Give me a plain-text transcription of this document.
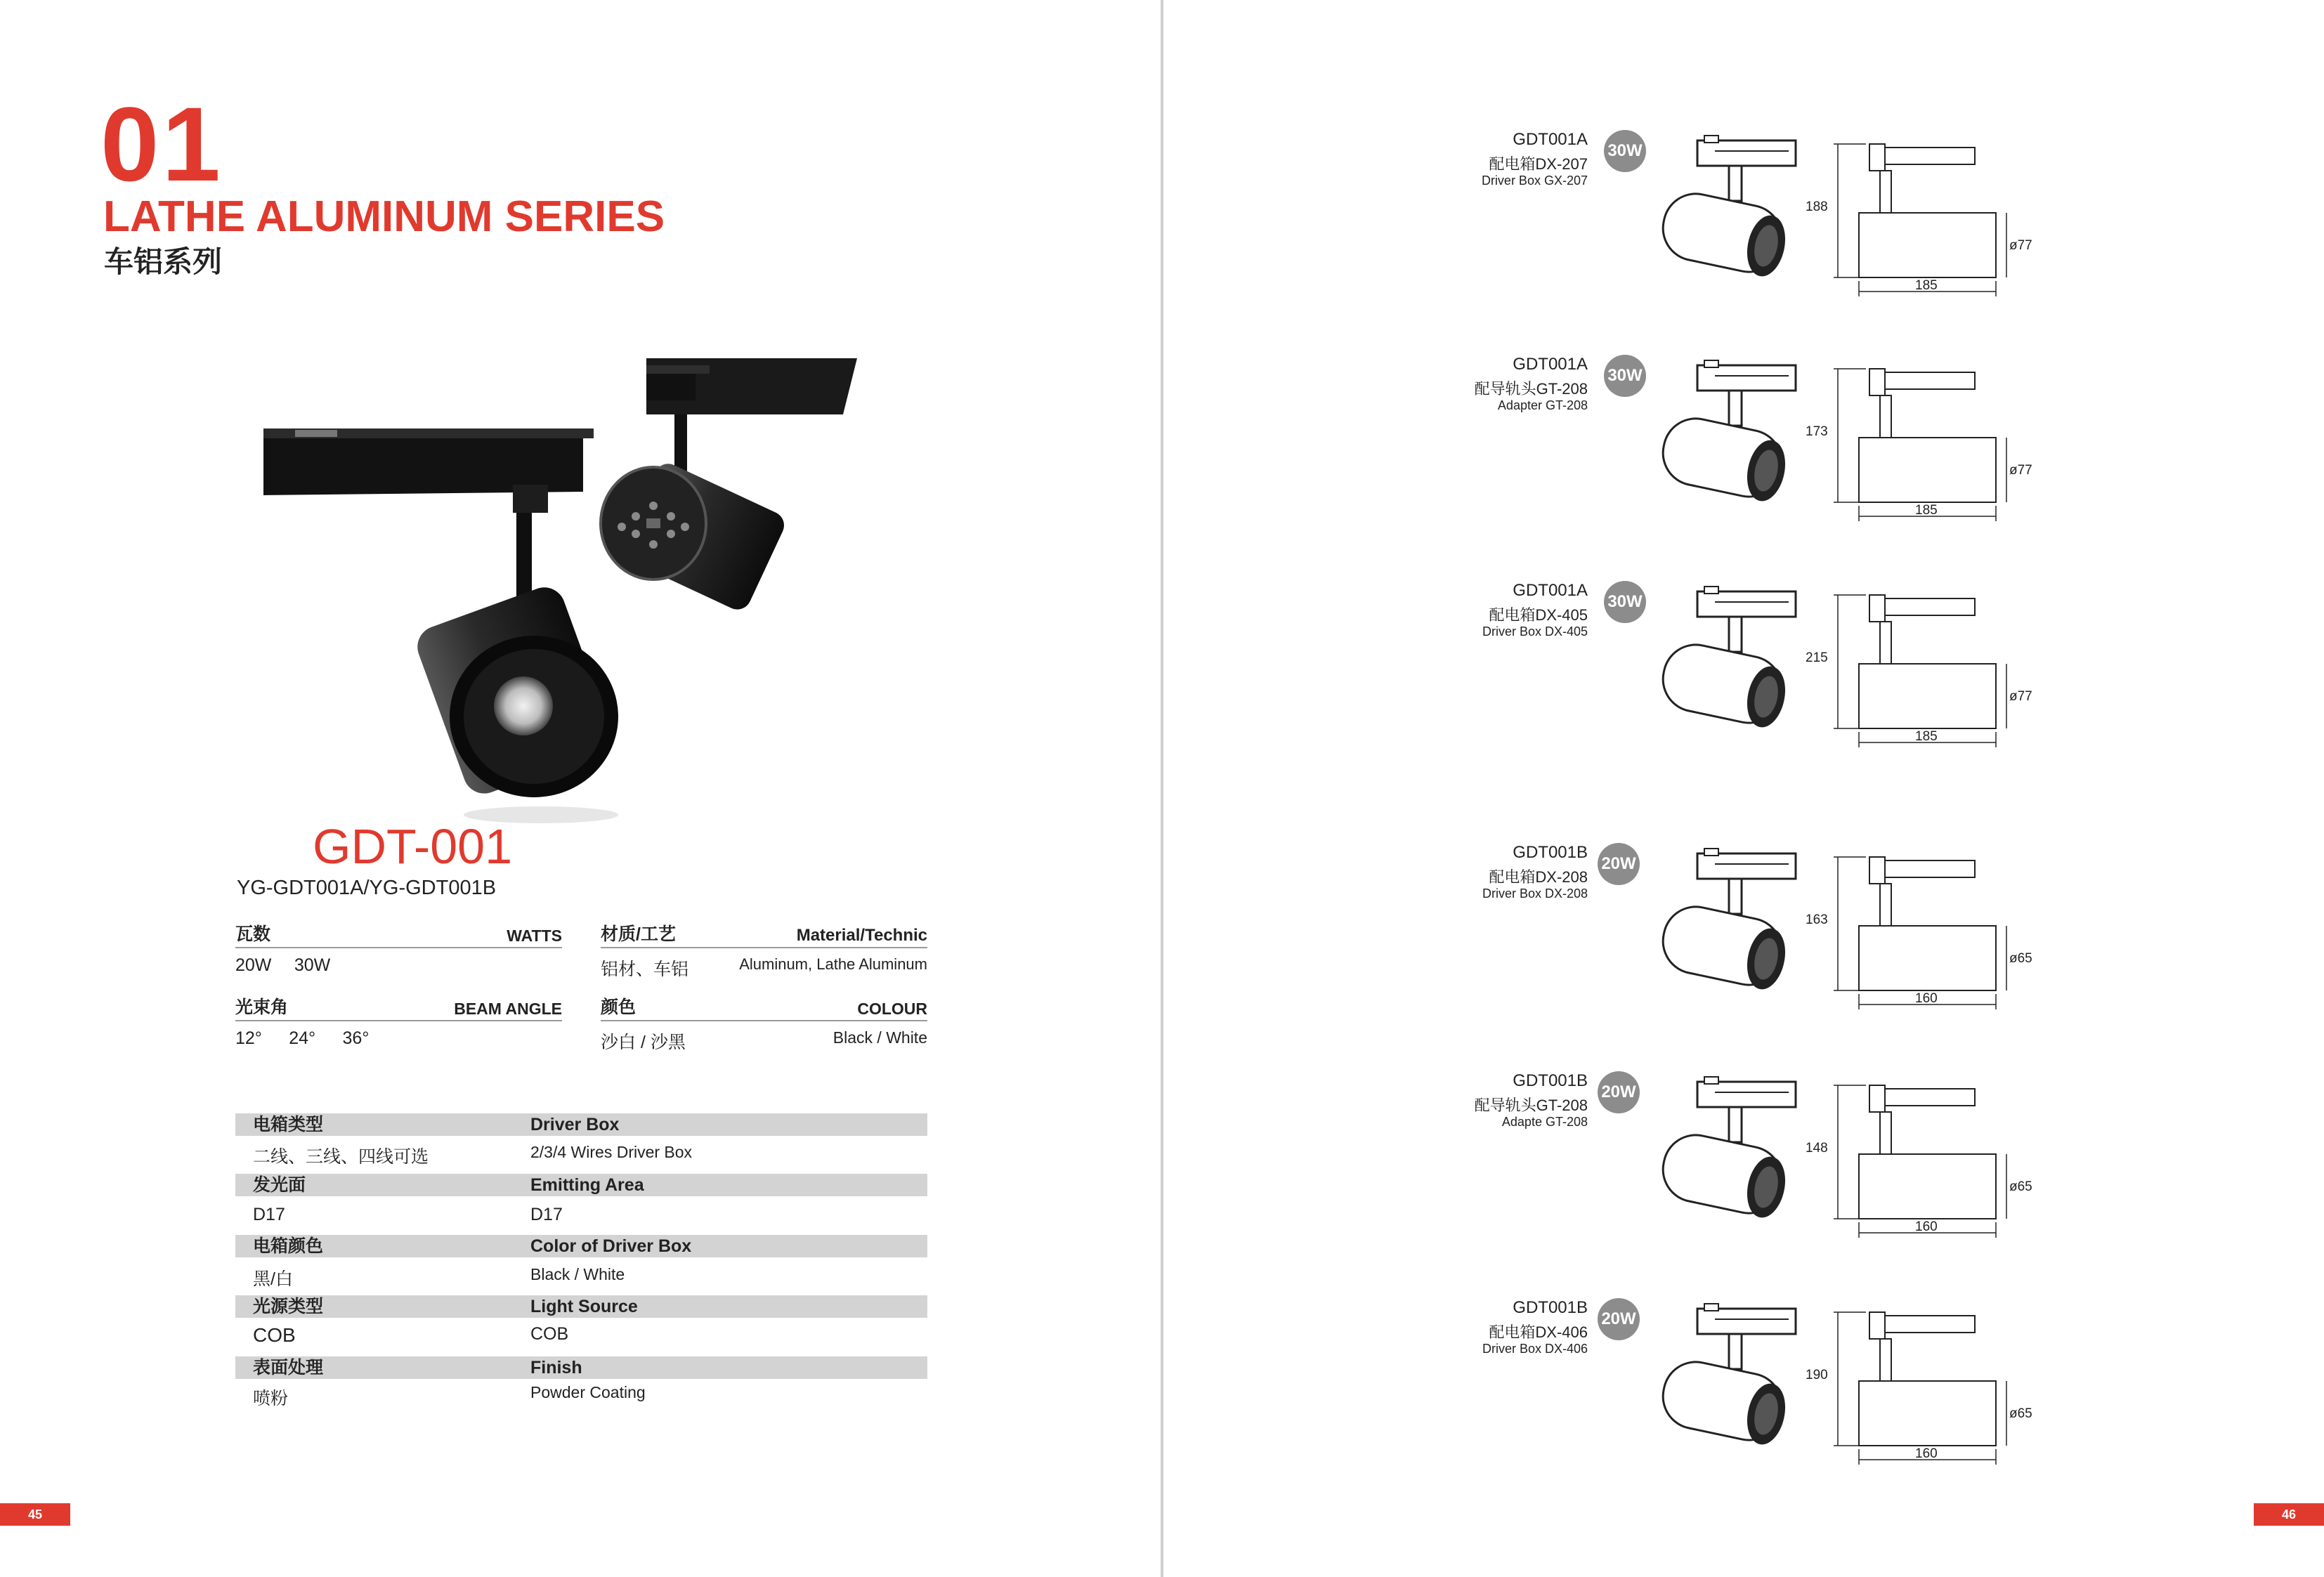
01
LATHE ALUMINUM SERIES
车铝系列
GDT-001
YG-GDT001A/YG-GDT001B
瓦数	WATTS
20W 30W
材质/工艺	Material/Technic
铝材、车铝	Aluminum, Lathe Aluminum
光束角	BEAM ANGLE
12° 24° 36°
颜色	COLOUR
沙白 / 沙黑	Black / White
电箱类型	Driver Box
二线、三线、四线可选	2/3/4 Wires Driver Box
发光面	Emitting Area
D17	D17
电箱颜色	Color of Driver Box
黑/白	Black / White
光源类型	Light Source
COB	COB
表面处理	Finish
喷粉	Powder Coating
45
GDT001A
配电箱DX-207
Driver Box GX-207
30W
188
185
ø77
GDT001A
配导轨头GT-208
Adapter GT-208
30W
173
185
ø77
GDT001A
配电箱DX-405
Driver Box DX-405
30W
215
185
ø77
GDT001B
配电箱DX-208
Driver Box DX-208
20W
163
160
ø65
GDT001B
配导轨头GT-208
Adapte GT-208
20W
148
160
ø65
GDT001B
配电箱DX-406
Driver Box DX-406
20W
190
160
ø65
46
